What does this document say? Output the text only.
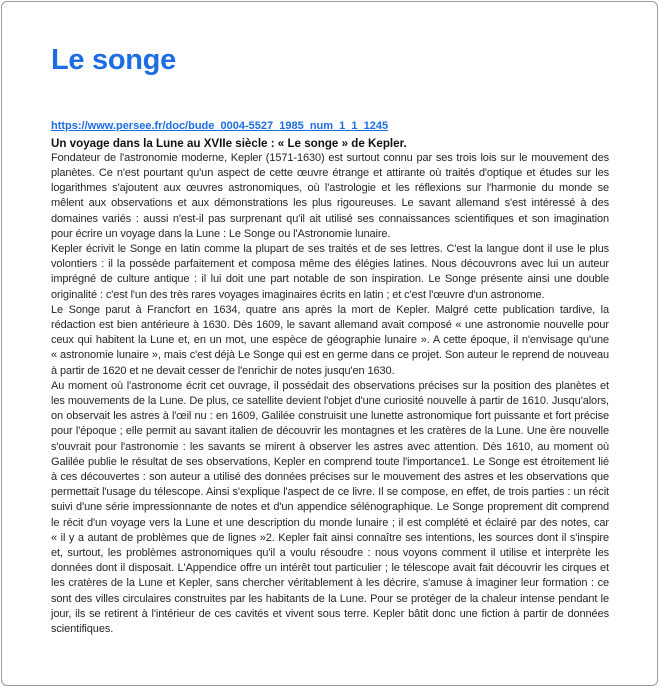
Le songe
https://www.persee.fr/doc/bude_0004-5527_1985_num_1_1_1245
Un voyage dans la Lune au XVIIe siècle : « Le songe » de Kepler.

Fondateur de l'astronomie moderne, Kepler (1571-1630) est surtout connu par ses trois lois sur le mouvement des planètes. Ce n'est pourtant qu'un aspect de cette œuvre étrange et attirante où traités d'optique et études sur les logarithmes s'ajoutent aux œuvres astronomiques, où l'astrologie et les réflexions sur l'harmonie du monde se mêlent aux observations et aux démonstrations les plus rigoureuses. Le savant allemand s'est intéressé à des domaines variés : aussi n'est-il pas surprenant qu'il ait utilisé ses connaissances scientifiques et son imagination pour écrire un voyage dans la Lune : Le Songe ou l'Astronomie lunaire.

Kepler écrivit le Songe en latin comme la plupart de ses traités et de ses lettres. C'est la langue dont il use le plus volontiers : il la possède parfaitement et composa même des élégies latines. Nous découvrons avec lui un auteur imprégné de culture antique : il lui doit une part notable de son inspiration. Le Songe présente ainsi une double originalité : c'est l'un des très rares voyages imaginaires écrits en latin ; et c'est l'œuvre d'un astronome.

Le Songe parut à Francfort en 1634, quatre ans après la mort de Kepler. Malgré cette publication tardive, la rédaction est bien antérieure à 1630. Dès 1609, le savant allemand avait composé « une astronomie nouvelle pour ceux qui habitent la Lune et, en un mot, une espèce de géographie lunaire ». A cette époque, il n'envisage qu'une « astronomie lunaire », mais c'est déjà Le Songe qui est en germe dans ce projet. Son auteur le reprend de nouveau à partir de 1620 et ne devait cesser de l'enrichir de notes jusqu'en 1630.

Au moment où l'astronome écrit cet ouvrage, il possédait des observations précises sur la position des planètes et les mouvements de la Lune. De plus, ce satellite devient l'objet d'une curiosité nouvelle à partir de 1610. Jusqu'alors, on observait les astres à l'œil nu : en 1609, Galilée construisit une lunette astronomique fort puissante et fort précise pour l'époque ; elle permit au savant italien de découvrir les montagnes et les cratères de la Lune. Une ère nouvelle s'ouvrait pour l'astronomie : les savants se mirent à observer les astres avec attention. Dès 1610, au moment où Galilée publie le résultat de ses observations, Kepler en comprend toute l'importance1. Le Songe est étroitement lié à ces découvertes : son auteur a utilisé des données précises sur le mouvement des astres et les observations que permettait l'usage du télescope. Ainsi s'explique l'aspect de ce livre. Il se compose, en effet, de trois parties : un récit suivi d'une série impressionnante de notes et d'un appendice sélénographique. Le Songe proprement dit comprend le récit d'un voyage vers la Lune et une description du monde lunaire ; il est complété et éclairé par des notes, car « il y a autant de problèmes que de lignes »2. Kepler fait ainsi connaître ses intentions, les sources dont il s'inspire et, surtout, les problèmes astronomiques qu'il a voulu résoudre : nous voyons comment il utilise et interprète les données dont il disposait. L'Appendice offre un intérêt tout particulier ; le télescope avait fait découvrir les cirques et les cratères de la Lune et Kepler, sans chercher véritablement à les décrire, s'amuse à imaginer leur formation : ce sont des villes circulaires construites par les habitants de la Lune. Pour se protéger de la chaleur intense pendant le jour, ils se retirent à l'intérieur de ces cavités et vivent sous terre. Kepler bâtit donc une fiction à partir de données scientifiques.
